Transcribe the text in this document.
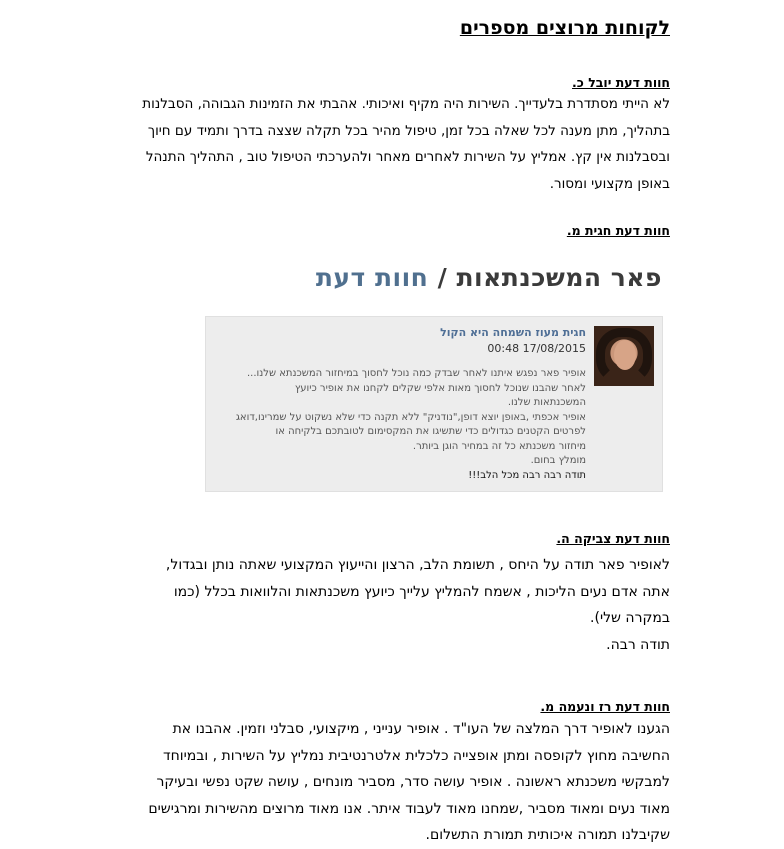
לקוחות מרוצים מספרים
חוות דעת יובל כ.

לא הייתי מסתדרת בלעדייך. השירות היה מקיף ואיכותי. אהבתי את הזמינות הגבוהה, הסבלנות

בתהליך, מתן מענה לכל שאלה בכל זמן, טיפול מהיר בכל תקלה שצצה בדרך ותמיד עם חיוך

ובסבלנות אין קץ. אמליץ על השירות לאחרים מאחר ולהערכתי הטיפול טוב , התהליך התנהל

באופן מקצועי ומסור.

חוות דעת חגית מ.
פאר המשכנתאות / חוות דעת
חגית מעוז השמחה היא הקול
17/08/2015 00:48

אופיר פאר נפגש איתנו לאחר שבדק כמה נוכל לחסוך במיחזור המשכנתא שלנו...

לאחר שהבנו שנוכל לחסוך מאות אלפי שקלים לקחנו את אופיר כיועץ

המשכנתאות שלנו.

אופיר אכפתי ,באופן יוצא דופן,"נודניק" ללא תקנה כדי שלא נשקוט על שמרינו,דואג

לפרטים הקטנים כגדולים כדי שתשיגו את המקסימום לטובתכם בלקיחה או

מיחזור משכנתא כל זה במחיר הוגן ביותר.

מומלץ בחום.

תודה רבה רבה מכל הלב!!!

חוות דעת צביקה ה.

לאופיר פאר תודה על היחס , תשומת הלב, הרצון והייעוץ המקצועי שאתה נותן ובגדול,

אתה אדם נעים הליכות , אשמח להמליץ עלייך כיועץ משכנתאות והלוואות בכלל (כמו

במקרה שלי).

תודה רבה.

חוות דעת רז ונעמה מ.

הגענו לאופיר דרך המלצה של העו"ד . אופיר ענייני , מיקצועי, סבלני וזמין. אהבנו את

החשיבה מחוץ לקופסה ומתן אופצייה כלכלית אלטרנטיבית נמליץ על השירות , ובמיוחד

למבקשי משכנתא ראשונה . אופיר עושה סדר, מסביר מונחים , עושה שקט נפשי ובעיקר

מאוד נעים ומאוד מסביר ,שמחנו מאוד לעבוד איתר. אנו מאוד מרוצים מהשירות ומרגישים

שקיבלנו תמורה איכותית תמורת התשלום.
